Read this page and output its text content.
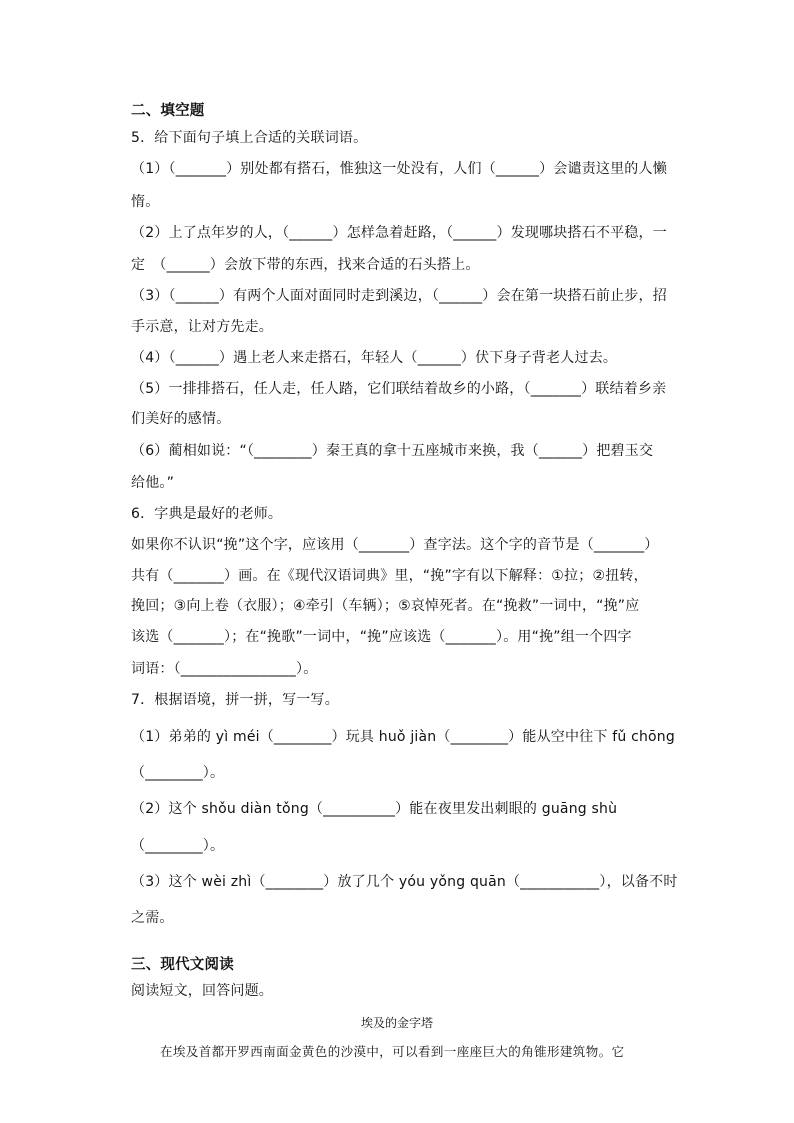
二、填空题
5．给下面句子填上合适的关联词语。
（1）（_______）别处都有搭石，惟独这一处没有，人们（______）会谴责这里的人懒
惰。
（2）上了点年岁的人，（______）怎样急着赶路，（______）发现哪块搭石不平稳，一
定　（______）会放下带的东西，找来合适的石头搭上。
（3）（______）有两个人面对面同时走到溪边，（______）会在第一块搭石前止步，招
手示意，让对方先走。
（4）（______）遇上老人来走搭石，年轻人（______）伏下身子背老人过去。
（5）一排排搭石，任人走，任人踏，它们联结着故乡的小路，（_______）联结着乡亲
们美好的感情。
（6）蔺相如说：“（________）秦王真的拿十五座城市来换，我（______）把碧玉交
给他。”
6．字典是最好的老师。
如果你不认识“挽”这个字，应该用（_______）查字法。这个字的音节是（_______）
共有（_______）画。在《现代汉语词典》里，“挽”字有以下解释：①拉；②扭转，
挽回；③向上卷（衣服）；④牵引（车辆）；⑤哀悼死者。在“挽救”一词中，“挽”应
该选（_______）；在“挽歌”一词中，“挽”应该选（_______）。用“挽”组一个四字
词语：（________________）。
7．根据语境，拼一拼，写一写。
（1）弟弟的 yì méi（________）玩具 huǒ jiàn（________）能从空中往下 fǔ chōng
（________）。
（2）这个 shǒu diàn tǒng（__________）能在夜里发出刺眼的 guāng shù
（________）。
（3）这个 wèi zhì（________）放了几个 yóu yǒng quān（___________），以备不时
之需。
三、现代文阅读
阅读短文，回答问题。
埃及的金字塔
在埃及首都开罗西南面金黄色的沙漠中，可以看到一座座巨大的角锥形建筑物。它
